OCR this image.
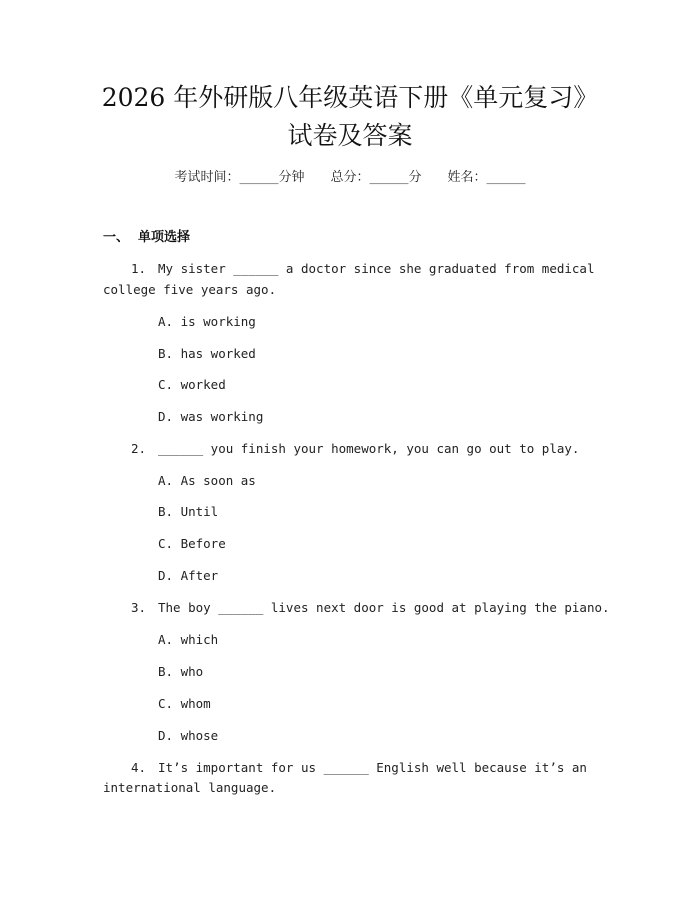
2026 年外研版八年级英语下册《单元复习》
试卷及答案
考试时间：______分钟 总分：______分 姓名：______
一、  单项选择
1. My sister ______ a doctor since she graduated from medical
college five years ago.
A. is working
B. has worked
C. worked
D. was working
2. ______ you finish your homework, you can go out to play.
A. As soon as
B. Until
C. Before
D. After
3. The boy ______ lives next door is good at playing the piano.
A. which
B. who
C. whom
D. whose
4. It’s important for us ______ English well because it’s an
international language.
